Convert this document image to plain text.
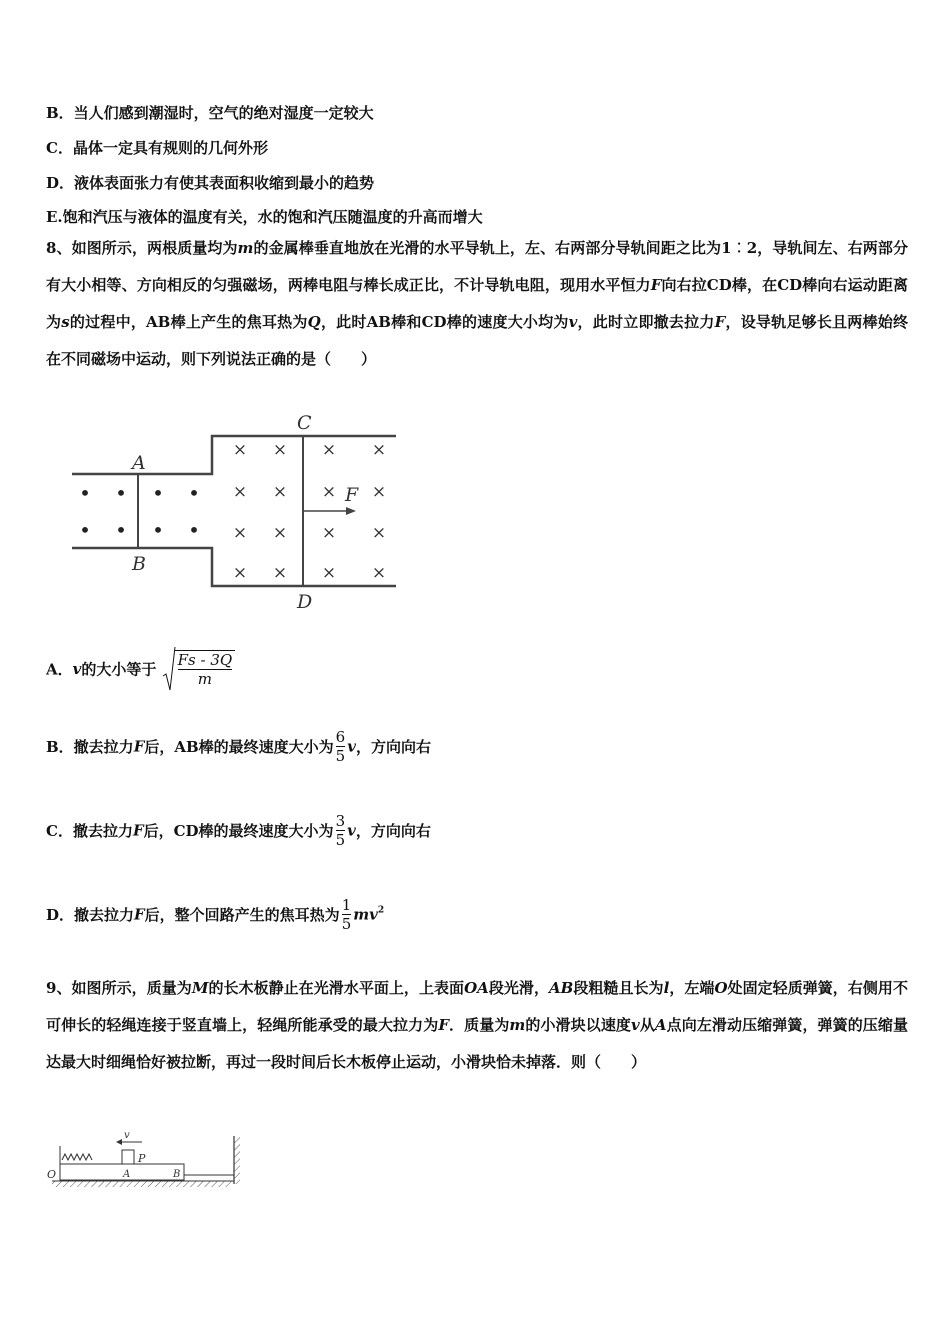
B．当人们感到潮湿时，空气的绝对湿度一定较大
C．晶体一定具有规则的几何外形
D．液体表面张力有使其表面积收缩到最小的趋势
E.饱和汽压与液体的温度有关，水的饱和汽压随温度的升高而增大
8、如图所示，两根质量均为m的金属棒垂直地放在光滑的水平导轨上，左、右两部分导轨间距之比为1︰2，导轨间左、右两部分有大小相等、方向相反的匀强磁场，两棒电阻与棒长成正比，不计导轨电阻，现用水平恒力F向右拉CD棒，在CD棒向右运动距离为s的过程中，AB棒上产生的焦耳热为Q，此时AB棒和CD棒的速度大小均为v，此时立即撤去拉力F，设导轨足够长且两棒始终在不同磁场中运动，则下列说法正确的是（　　）
A
B
C
D
F
• • • •
• • • •
× × × ×
× × × ×
× × × ×
× × × ×
A．v的大小等于 $\frac{Fs - 3Q}{m}$
B．撤去拉力F后，AB棒的最终速度大小为 $\frac{6}{5}$ v，方向向右
C．撤去拉力F后，CD棒的最终速度大小为 $\frac{3}{5}$ v，方向向右
D．撤去拉力F后，整个回路产生的焦耳热为 $\frac{1}{5} mv^2$
9、如图所示，质量为M的长木板静止在光滑水平面上，上表面OA段光滑，AB段粗糙且长为l，左端O处固定轻质弹簧，右侧用不可伸长的轻绳连接于竖直墙上，轻绳所能承受的最大拉力为F．质量为m的小滑块以速度v从A点向左滑动压缩弹簧，弹簧的压缩量达最大时细绳恰好被拉断，再过一段时间后长木板停止运动，小滑块恰未掉落．则（　　）
v
P
O	A	B
